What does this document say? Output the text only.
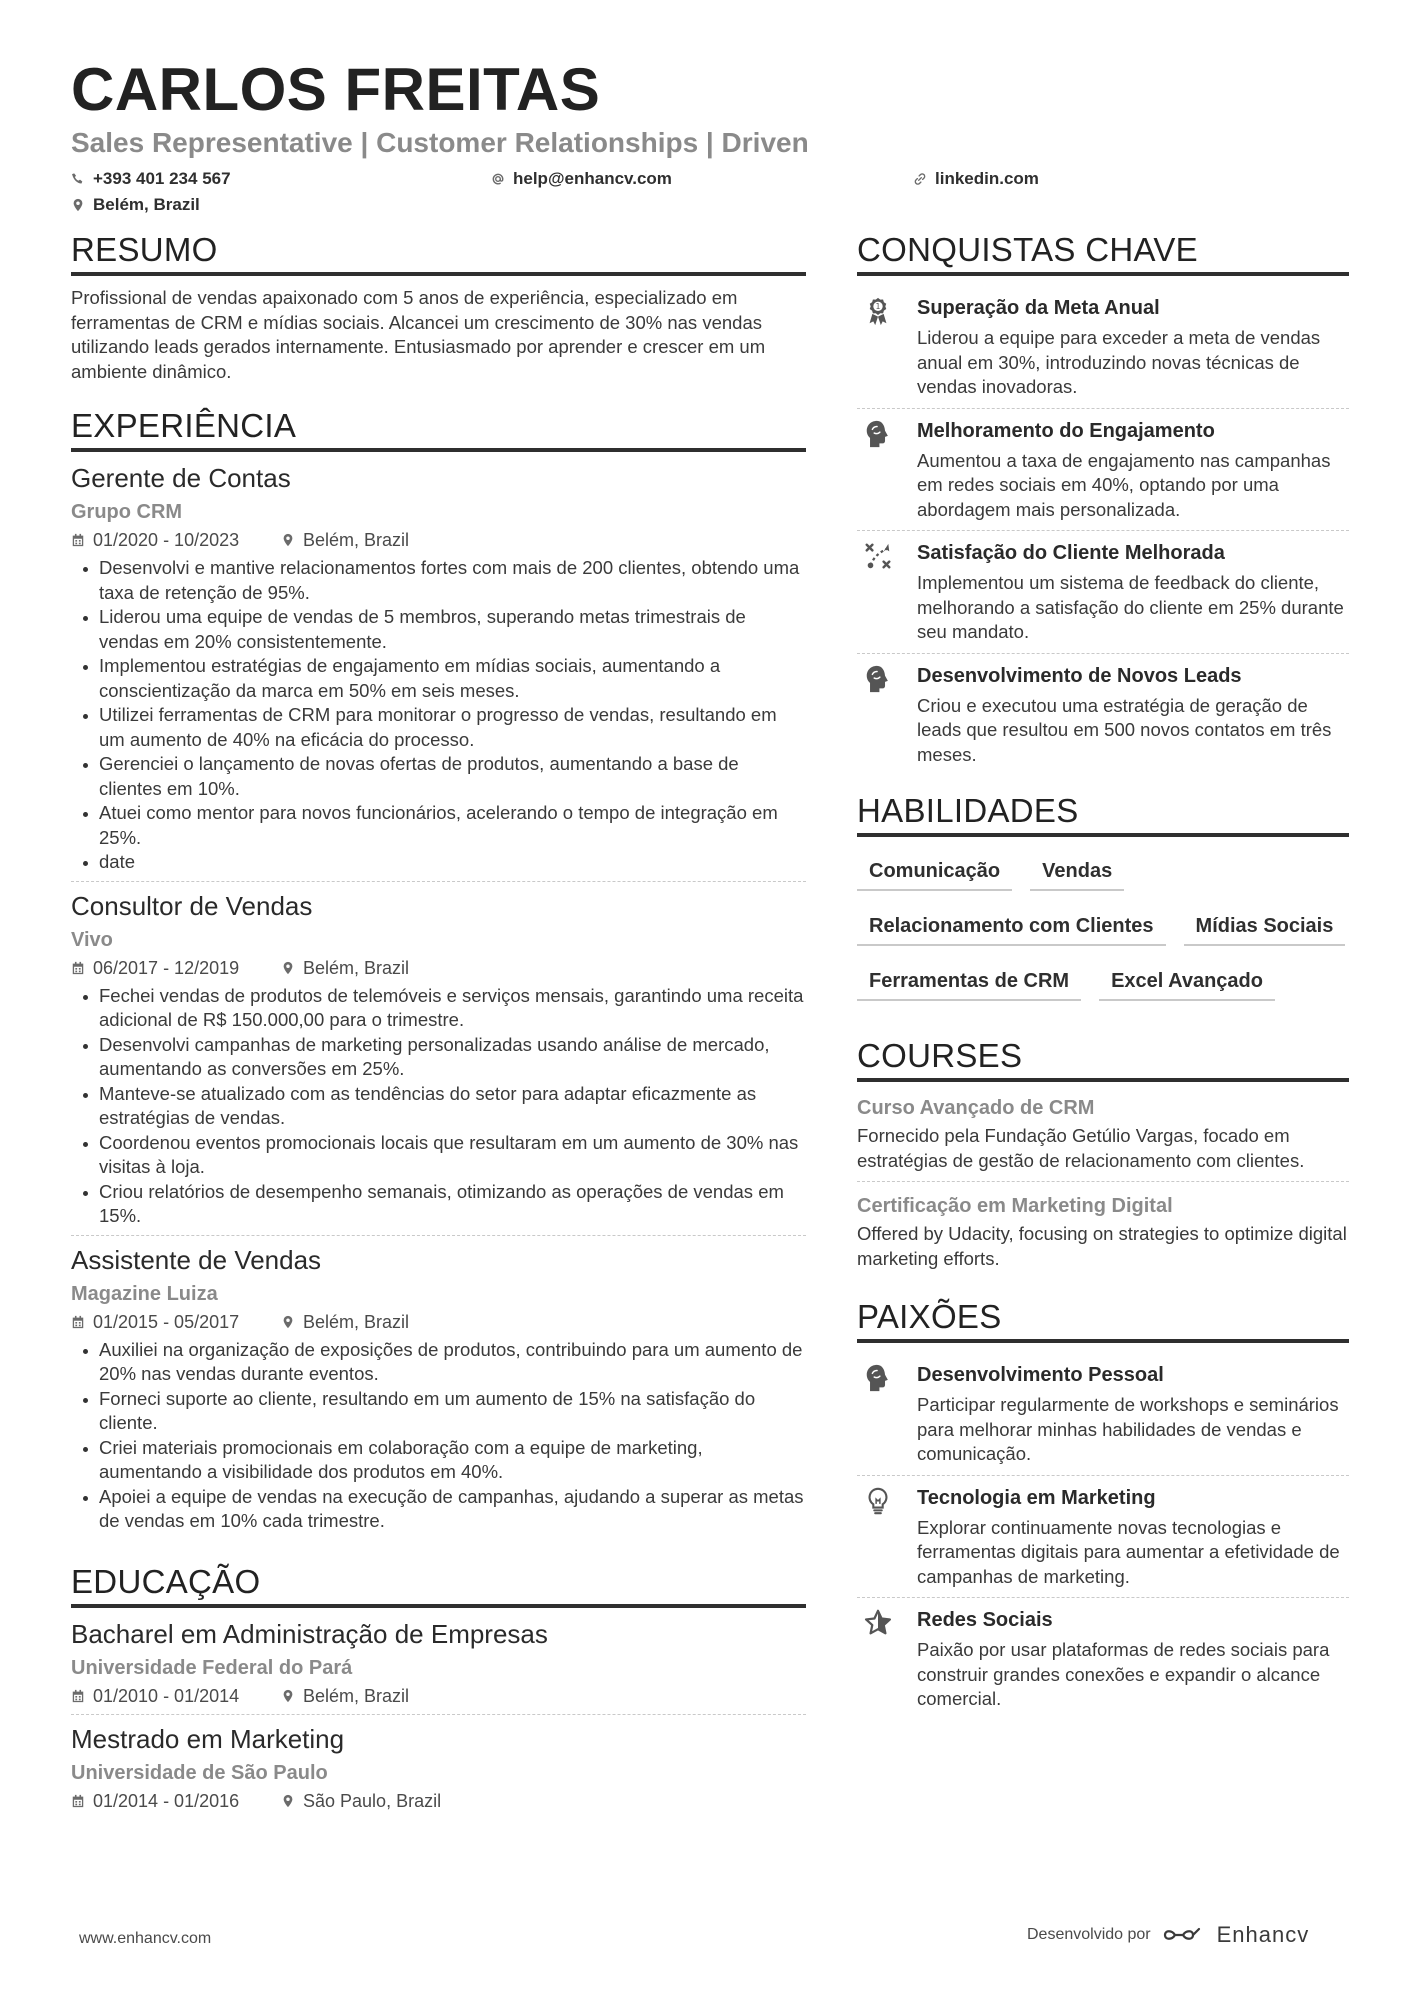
CARLOS FREITAS
Sales Representative | Customer Relationships | Driven
+393 401 234 567	help@enhancv.com	linkedin.com
Belém, Brazil
RESUMO
Profissional de vendas apaixonado com 5 anos de experiência, especializado em ferramentas de CRM e mídias sociais. Alcancei um crescimento de 30% nas vendas utilizando leads gerados internamente. Entusiasmado por aprender e crescer em um ambiente dinâmico.
EXPERIÊNCIA
Gerente de Contas
Grupo CRM
01/2020 - 10/2023	Belém, Brazil
Desenvolvi e mantive relacionamentos fortes com mais de 200 clientes, obtendo uma taxa de retenção de 95%.
Liderou uma equipe de vendas de 5 membros, superando metas trimestrais de vendas em 20% consistentemente.
Implementou estratégias de engajamento em mídias sociais, aumentando a conscientização da marca em 50% em seis meses.
Utilizei ferramentas de CRM para monitorar o progresso de vendas, resultando em um aumento de 40% na eficácia do processo.
Gerenciei o lançamento de novas ofertas de produtos, aumentando a base de clientes em 10%.
Atuei como mentor para novos funcionários, acelerando o tempo de integração em 25%.
date
Consultor de Vendas
Vivo
06/2017 - 12/2019	Belém, Brazil
Fechei vendas de produtos de telemóveis e serviços mensais, garantindo uma receita adicional de R$ 150.000,00 para o trimestre.
Desenvolvi campanhas de marketing personalizadas usando análise de mercado, aumentando as conversões em 25%.
Manteve-se atualizado com as tendências do setor para adaptar eficazmente as estratégias de vendas.
Coordenou eventos promocionais locais que resultaram em um aumento de 30% nas visitas à loja.
Criou relatórios de desempenho semanais, otimizando as operações de vendas em 15%.
Assistente de Vendas
Magazine Luiza
01/2015 - 05/2017	Belém, Brazil
Auxiliei na organização de exposições de produtos, contribuindo para um aumento de 20% nas vendas durante eventos.
Forneci suporte ao cliente, resultando em um aumento de 15% na satisfação do cliente.
Criei materiais promocionais em colaboração com a equipe de marketing, aumentando a visibilidade dos produtos em 40%.
Apoiei a equipe de vendas na execução de campanhas, ajudando a superar as metas de vendas em 10% cada trimestre.
EDUCAÇÃO
Bacharel em Administração de Empresas
Universidade Federal do Pará
01/2010 - 01/2014	Belém, Brazil
Mestrado em Marketing
Universidade de São Paulo
01/2014 - 01/2016	São Paulo, Brazil
CONQUISTAS CHAVE
1 Superação da Meta Anual
Liderou a equipe para exceder a meta de vendas anual em 30%, introduzindo novas técnicas de vendas inovadoras.
Melhoramento do Engajamento
Aumentou a taxa de engajamento nas campanhas em redes sociais em 40%, optando por uma abordagem mais personalizada.
Satisfação do Cliente Melhorada
Implementou um sistema de feedback do cliente, melhorando a satisfação do cliente em 25% durante seu mandato.
Desenvolvimento de Novos Leads
Criou e executou uma estratégia de geração de leads que resultou em 500 novos contatos em três meses.
HABILIDADES
Comunicação	Vendas
Relacionamento com Clientes	Mídias Sociais
Ferramentas de CRM	Excel Avançado
COURSES
Curso Avançado de CRM
Fornecido pela Fundação Getúlio Vargas, focado em estratégias de gestão de relacionamento com clientes.
Certificação em Marketing Digital
Offered by Udacity, focusing on strategies to optimize digital marketing efforts.
PAIXÕES
Desenvolvimento Pessoal
Participar regularmente de workshops e seminários para melhorar minhas habilidades de vendas e comunicação.
Tecnologia em Marketing
Explorar continuamente novas tecnologias e ferramentas digitais para aumentar a efetividade de campanhas de marketing.
Redes Sociais
Paixão por usar plataformas de redes sociais para construir grandes conexões e expandir o alcance comercial.
www.enhancv.com	Desenvolvido por	Enhancv
